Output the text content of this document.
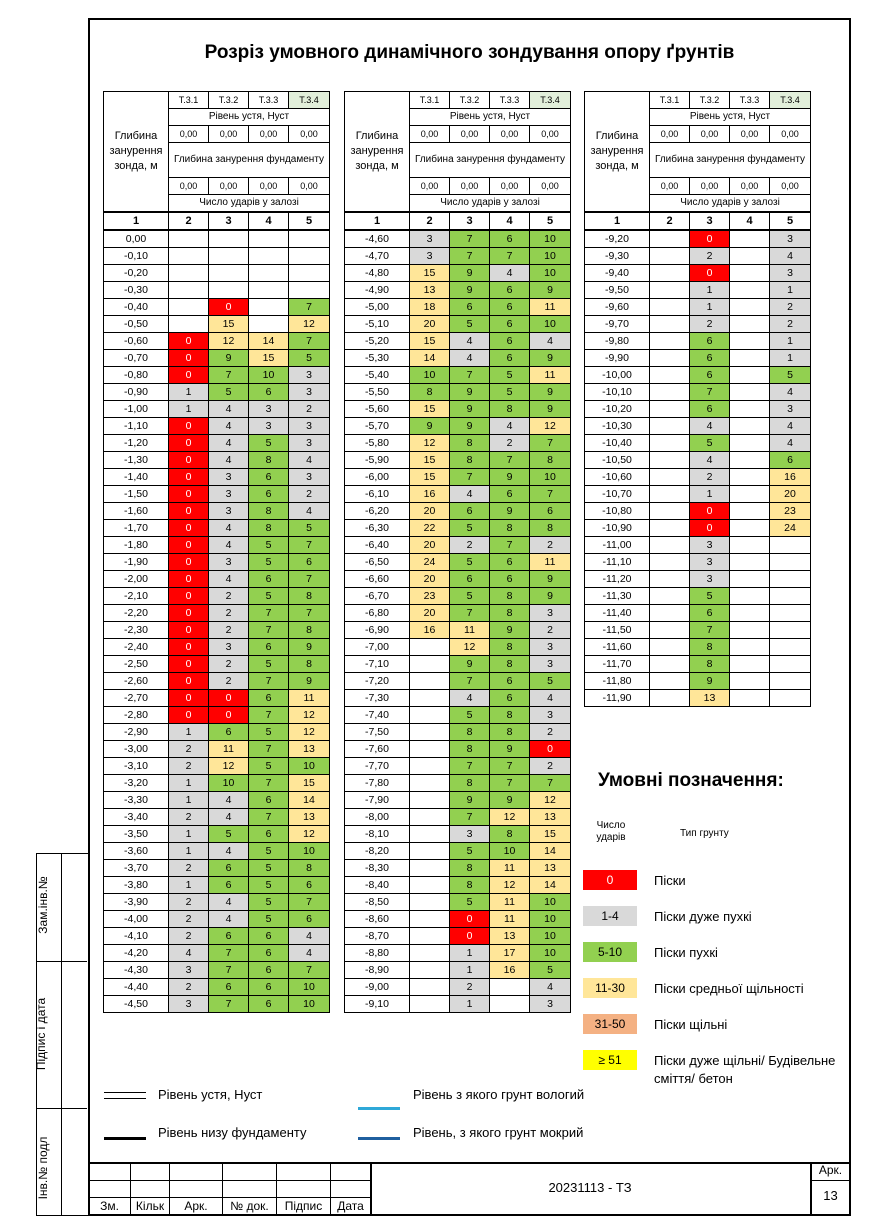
Розріз умовного динамічного зондування опору ґрунтів
Глибина занурення зонда, м	Т.3.1	Т.3.2	Т.3.3	Т.3.4
	Рівень устя, Нуст			
	0,00	0,00	0,00	0,00
	Глибина занурення фундаменту			
	0,00	0,00	0,00	0,00
	Число ударів у залозі			
1	2	3	4	5
0,00				
-0,10				
-0,20				
-0,30				
-0,40		0		7
-0,50		15		12
-0,60	0	12	14	7
-0,70	0	9	15	5
-0,80	0	7	10	3
-0,90	1	5	6	3
-1,00	1	4	3	2
-1,10	0	4	3	3
-1,20	0	4	5	3
-1,30	0	4	8	4
-1,40	0	3	6	3
-1,50	0	3	6	2
-1,60	0	3	8	4
-1,70	0	4	8	5
-1,80	0	4	5	7
-1,90	0	3	5	6
-2,00	0	4	6	7
-2,10	0	2	5	8
-2,20	0	2	7	7
-2,30	0	2	7	8
-2,40	0	3	6	9
-2,50	0	2	5	8
-2,60	0	2	7	9
-2,70	0	0	6	11
-2,80	0	0	7	12
-2,90	1	6	5	12
-3,00	2	11	7	13
-3,10	2	12	5	10
-3,20	1	10	7	15
-3,30	1	4	6	14
-3,40	2	4	7	13
-3,50	1	5	6	12
-3,60	1	4	5	10
-3,70	2	6	5	8
-3,80	1	6	5	6
-3,90	2	4	5	7
-4,00	2	4	5	6
-4,10	2	6	6	4
-4,20	4	7	6	4
-4,30	3	7	6	7
-4,40	2	6	6	10
-4,50	3	7	6	10
Глибина занурення зонда, м	Т.3.1	Т.3.2	Т.3.3	Т.3.4
	Рівень устя, Нуст			
	0,00	0,00	0,00	0,00
	Глибина занурення фундаменту			
	0,00	0,00	0,00	0,00
	Число ударів у залозі			
1	2	3	4	5
-4,60	3	7	6	10
-4,70	3	7	7	10
-4,80	15	9	4	10
-4,90	13	9	6	9
-5,00	18	6	6	11
-5,10	20	5	6	10
-5,20	15	4	6	4
-5,30	14	4	6	9
-5,40	10	7	5	11
-5,50	8	9	5	9
-5,60	15	9	8	9
-5,70	9	9	4	12
-5,80	12	8	2	7
-5,90	15	8	7	8
-6,00	15	7	9	10
-6,10	16	4	6	7
-6,20	20	6	9	6
-6,30	22	5	8	8
-6,40	20	2	7	2
-6,50	24	5	6	11
-6,60	20	6	6	9
-6,70	23	5	8	9
-6,80	20	7	8	3
-6,90	16	11	9	2
-7,00		12	8	3
-7,10		9	8	3
-7,20		7	6	5
-7,30		4	6	4
-7,40		5	8	3
-7,50		8	8	2
-7,60		8	9	0
-7,70		7	7	2
-7,80		8	7	7
-7,90		9	9	12
-8,00		7	12	13
-8,10		3	8	15
-8,20		5	10	14
-8,30		8	11	13
-8,40		8	12	14
-8,50		5	11	10
-8,60		0	11	10
-8,70		0	13	10
-8,80		1	17	10
-8,90		1	16	5
-9,00		2		4
-9,10		1		3
Глибина занурення зонда, м	Т.3.1	Т.3.2	Т.3.3	Т.3.4
	Рівень устя, Нуст			
	0,00	0,00	0,00	0,00
	Глибина занурення фундаменту			
	0,00	0,00	0,00	0,00
	Число ударів у залозі			
1	2	3	4	5
-9,20		0		3
-9,30		2		4
-9,40		0		3
-9,50		1		1
-9,60		1		2
-9,70		2		2
-9,80		6		1
-9,90		6		1
-10,00		6		5
-10,10		7		4
-10,20		6		3
-10,30		4		4
-10,40		5		4
-10,50		4		6
-10,60		2		16
-10,70		1		20
-10,80		0		23
-10,90		0		24
-11,00		3		
-11,10		3		
-11,20		3		
-11,30		5		
-11,40		6		
-11,50		7		
-11,60		8		
-11,70		8		
-11,80		9		
-11,90		13		
Умовні позначення:
Число ударів	Тип грунту
0	Піски
1-4	Піски дуже пухкі
5-10	Піски пухкі
11-30	Піски средньої щільності
31-50	Піски щільні
≥ 51	Піски дуже щільні/ Будівельне сміття/ бетон
Рівень устя, Нуст
Рівень низу фундаменту
Рівень з якого грунт вологий
Рівень, з якого грунт мокрий
Зам.інв.№
Підпис і дата
Інв.№ подл
Зм.	Кільк	Арк.	№ док.	Підпис	Дата
20231113 - ТЗ
Арк.
13
